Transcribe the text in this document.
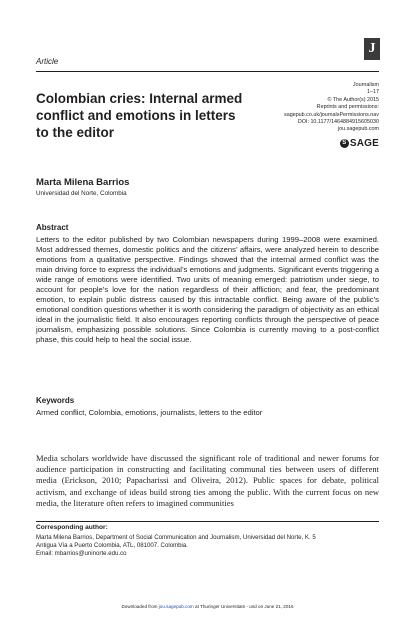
J
Article
Journalism
1–17
© The Author(s) 2015
Reprints and permissions:
sagepub.co.uk/journalsPermissions.nav
DOI: 10.1177/1464884915605030
jou.sagepub.com
S SAGE
Colombian cries: Internal armed conflict and emotions in letters to the editor
Marta Milena Barrios
Universidad del Norte, Colombia
Abstract

Letters to the editor published by two Colombian newspapers during 1999–2008 were examined. Most addressed themes, domestic politics and the citizens’ affairs, were analyzed herein to describe emotions from a qualitative perspective. Findings showed that the internal armed conflict was the main driving force to express the individual’s emotions and judgments. Significant events triggering a wide range of emotions were identified. Two units of meaning emerged: patriotism under siege, to account for people’s love for the nation regardless of their affliction; and fear, the predominant emotion, to explain public distress caused by this intractable conflict. Being aware of the public’s emotional condition questions whether it is worth considering the paradigm of objectivity as an ethical ideal in the journalistic field. It also encourages reporting conflicts through the perspective of peace journalism, emphasizing possible solutions. Since Colombia is currently moving to a post-conflict phase, this could help to heal the social issue.

Keywords
Armed conflict, Colombia, emotions, journalists, letters to the editor

Media scholars worldwide have discussed the significant role of traditional and newer forums for audience participation in constructing and facilitating communal ties between users of different media (Erickson, 2010; Papacharissi and Oliveira, 2012). Public spaces for debate, political activism, and exchange of ideas build strong ties among the public. With the current focus on new media, the literature often refers to imagined communities

Corresponding author:
Marta Milena Barrios, Department of Social Communication and Journalism, Universidad del Norte, K. 5
Antigua Vía a Puerto Colombia, ATL, 081007. Colombia.
Email: mbarrios@uninorte.edu.co
Downloaded from jou.sagepub.com at Thuringer Universitats - und on June 21, 2016
